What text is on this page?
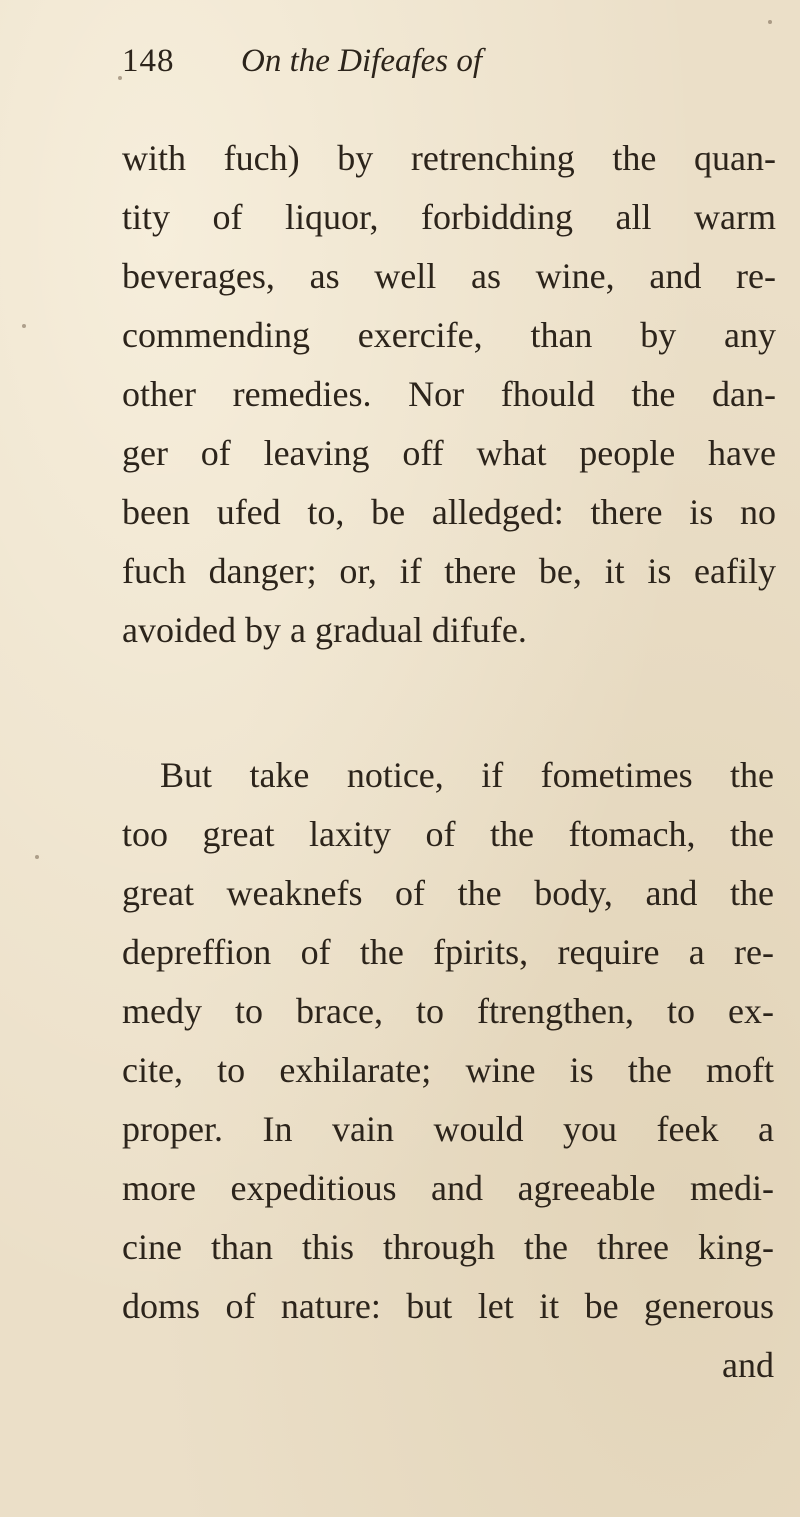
148 On the Difeafes of
with fuch) by retrenching the quan-
tity of liquor, forbidding all warm
beverages, as well as wine, and re-
commending exercife, than by any
other remedies. Nor fhould the dan-
ger of leaving off what people have
been ufed to, be alledged: there is no
fuch danger; or, if there be, it is eafily
avoided by a gradual difufe.
But take notice, if fometimes the
too great laxity of the ftomach, the
great weaknefs of the body, and the
depreffion of the fpirits, require a re-
medy to brace, to ftrengthen, to ex-
cite, to exhilarate; wine is the moft
proper. In vain would you feek a
more expeditious and agreeable medi-
cine than this through the three king-
doms of nature: but let it be generous
and
